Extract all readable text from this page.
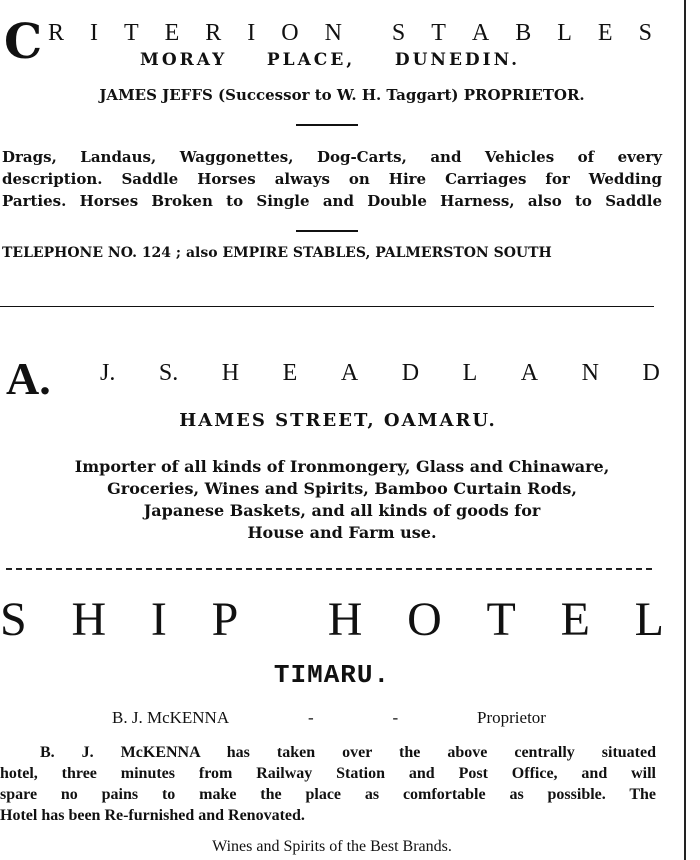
C R I T E R I O N S T A B L E S
MORAY PLACE, DUNEDIN.
JAMES JEFFS (Successor to W. H. Taggart) PROPRIETOR.
Drags, Landaus, Waggonettes, Dog-Carts, and Vehicles of every
description. Saddle Horses always on Hire Carriages for Wedding
Parties. Horses Broken to Single and Double Harness, also to Saddle
TELEPHONE NO. 124 ; also EMPIRE STABLES, PALMERSTON SOUTH
A. J. S. H E A D L A N D
HAMES STREET, OAMARU.
Importer of all kinds of Ironmongery, Glass and Chinaware,
Groceries, Wines and Spirits, Bamboo Curtain Rods,
Japanese Baskets, and all kinds of goods for
House and Farm use.
S H I P H O T E L
TIMARU.
B. J. McKENNA	-	-	Proprietor
B. J. McKENNA has taken over the above centrally situated
hotel, three minutes from Railway Station and Post Office, and will
spare no pains to make the place as comfortable as possible. The
Hotel has been Re-furnished and Renovated.
Wines and Spirits of the Best Brands.
